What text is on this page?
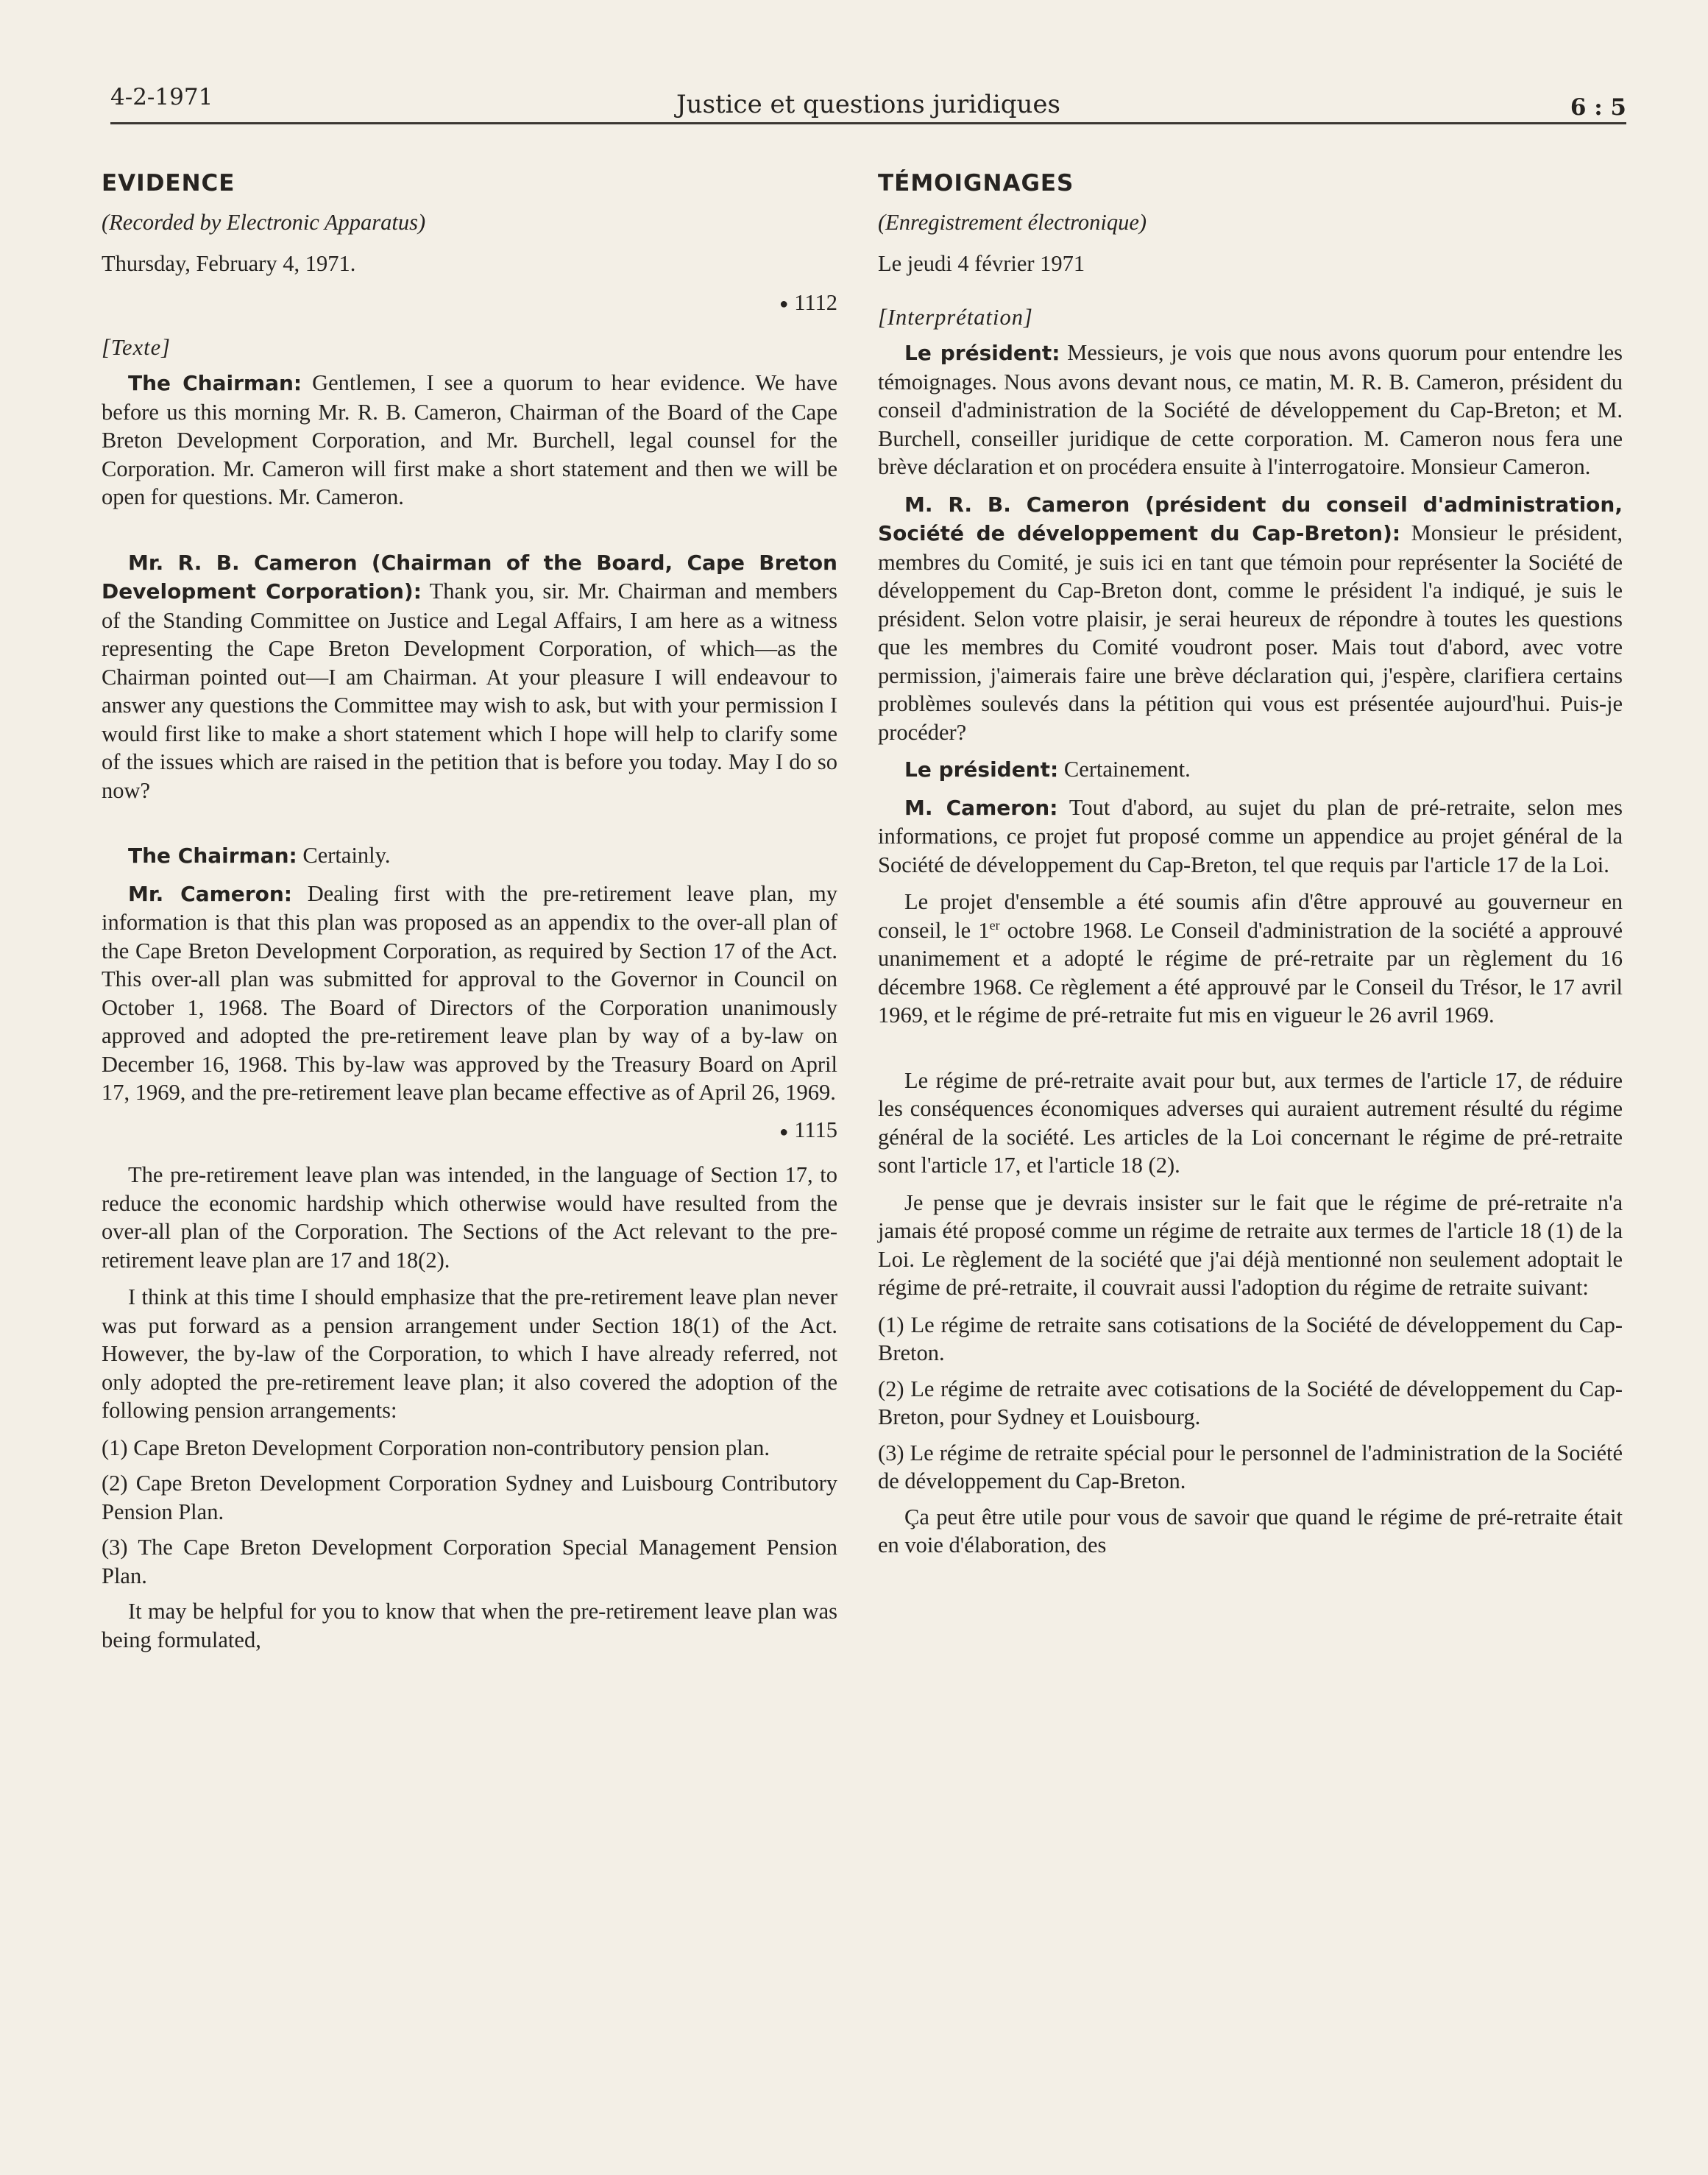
4-2-1971	Justice et questions juridiques	6 : 5
EVIDENCE

(Recorded by Electronic Apparatus)

Thursday, February 4, 1971.

● 1112

[Texte]

The Chairman: Gentlemen, I see a quorum to hear evidence. We have before us this morning Mr. R. B. Cameron, Chairman of the Board of the Cape Breton Development Corporation, and Mr. Burchell, legal counsel for the Corporation. Mr. Cameron will first make a short statement and then we will be open for questions. Mr. Cameron.

Mr. R. B. Cameron (Chairman of the Board, Cape Breton Development Corporation): Thank you, sir. Mr. Chairman and members of the Standing Committee on Justice and Legal Affairs, I am here as a witness representing the Cape Breton Development Corporation, of which—as the Chairman pointed out—I am Chairman. At your pleasure I will endeavour to answer any questions the Committee may wish to ask, but with your permission I would first like to make a short statement which I hope will help to clarify some of the issues which are raised in the petition that is before you today. May I do so now?

The Chairman: Certainly.

Mr. Cameron: Dealing first with the pre-retirement leave plan, my information is that this plan was proposed as an appendix to the over-all plan of the Cape Breton Development Corporation, as required by Section 17 of the Act. This over-all plan was submitted for approval to the Governor in Council on October 1, 1968. The Board of Directors of the Corporation unanimously approved and adopted the pre-retirement leave plan by way of a by-law on December 16, 1968. This by-law was approved by the Treasury Board on April 17, 1969, and the pre-retirement leave plan became effective as of April 26, 1969.

● 1115

The pre-retirement leave plan was intended, in the language of Section 17, to reduce the economic hardship which otherwise would have resulted from the over-all plan of the Corporation. The Sections of the Act relevant to the pre-retirement leave plan are 17 and 18(2).

I think at this time I should emphasize that the pre-retirement leave plan never was put forward as a pension arrangement under Section 18(1) of the Act. However, the by-law of the Corporation, to which I have already referred, not only adopted the pre-retirement leave plan; it also covered the adoption of the following pension arrangements:

(1) Cape Breton Development Corporation non-contributory pension plan.

(2) Cape Breton Development Corporation Sydney and Luisbourg Contributory Pension Plan.

(3) The Cape Breton Development Corporation Special Management Pension Plan.

It may be helpful for you to know that when the pre-retirement leave plan was being formulated,

TÉMOIGNAGES

(Enregistrement électronique)

Le jeudi 4 février 1971

[Interprétation]

Le président: Messieurs, je vois que nous avons quorum pour entendre les témoignages. Nous avons devant nous, ce matin, M. R. B. Cameron, président du conseil d'administration de la Société de développement du Cap-Breton; et M. Burchell, conseiller juridique de cette corporation. M. Cameron nous fera une brève déclaration et on procédera ensuite à l'interrogatoire. Monsieur Cameron.

M. R. B. Cameron (président du conseil d'administration, Société de développement du Cap-Breton): Monsieur le président, membres du Comité, je suis ici en tant que témoin pour représenter la Société de développement du Cap-Breton dont, comme le président l'a indiqué, je suis le président. Selon votre plaisir, je serai heureux de répondre à toutes les questions que les membres du Comité voudront poser. Mais tout d'abord, avec votre permission, j'aimerais faire une brève déclaration qui, j'espère, clarifiera certains problèmes soulevés dans la pétition qui vous est présentée aujourd'hui. Puis-je procéder?

Le président: Certainement.

M. Cameron: Tout d'abord, au sujet du plan de pré-retraite, selon mes informations, ce projet fut proposé comme un appendice au projet général de la Société de développement du Cap-Breton, tel que requis par l'article 17 de la Loi.

Le projet d'ensemble a été soumis afin d'être approuvé au gouverneur en conseil, le 1er octobre 1968. Le Conseil d'administration de la société a approuvé unanimement et a adopté le régime de pré-retraite par un règlement du 16 décembre 1968. Ce règlement a été approuvé par le Conseil du Trésor, le 17 avril 1969, et le régime de pré-retraite fut mis en vigueur le 26 avril 1969.

Le régime de pré-retraite avait pour but, aux termes de l'article 17, de réduire les conséquences économiques adverses qui auraient autrement résulté du régime général de la société. Les articles de la Loi concernant le régime de pré-retraite sont l'article 17, et l'article 18 (2).

Je pense que je devrais insister sur le fait que le régime de pré-retraite n'a jamais été proposé comme un régime de retraite aux termes de l'article 18 (1) de la Loi. Le règlement de la société que j'ai déjà mentionné non seulement adoptait le régime de pré-retraite, il couvrait aussi l'adoption du régime de retraite suivant:

(1) Le régime de retraite sans cotisations de la Société de développement du Cap-Breton.

(2) Le régime de retraite avec cotisations de la Société de développement du Cap-Breton, pour Sydney et Louisbourg.

(3) Le régime de retraite spécial pour le personnel de l'administration de la Société de développement du Cap-Breton.

Ça peut être utile pour vous de savoir que quand le régime de pré-retraite était en voie d'élaboration, des
